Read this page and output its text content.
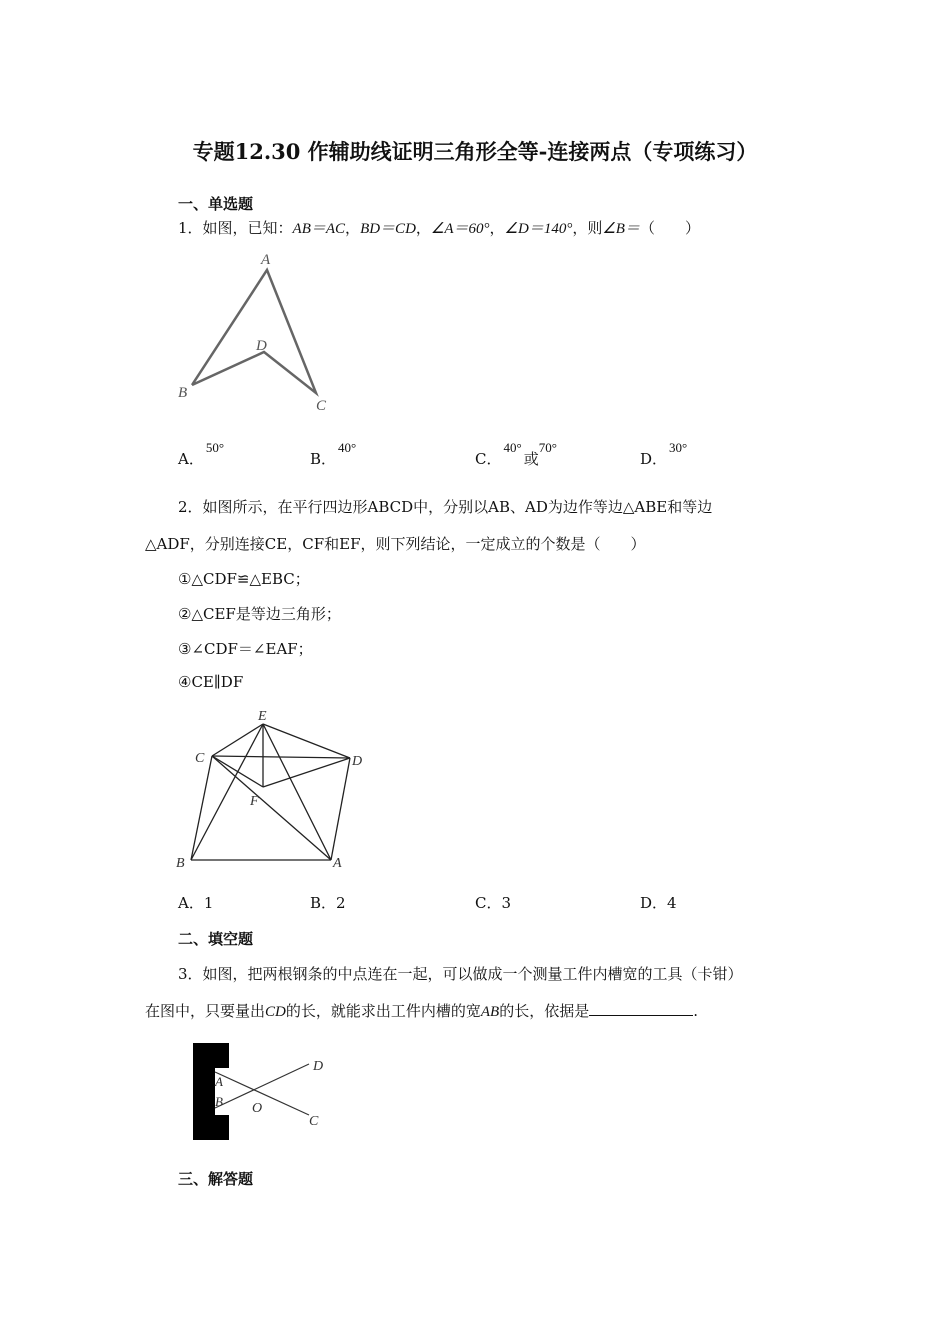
专题12.30 作辅助线证明三角形全等-连接两点（专项练习）
一、单选题
1．如图，已知：AB＝AC，BD＝CD，∠A＝60°，∠D＝140°，则∠B＝（　　）
A
B
C
D
A．50°
B．40°
C．40°或70°
D．30°
2．如图所示，在平行四边形ABCD中，分别以AB、AD为边作等边△ABE和等边
△ADF，分别连接CE，CF和EF，则下列结论，一定成立的个数是（　　）
①△CDF≌△EBC；
②△CEF是等边三角形；
③∠CDF＝∠EAF；
④CE∥DF
E
C	D
F
B	A
A．1	B．2	C．3	D．4
二、填空题
3．如图，把两根钢条的中点连在一起，可以做成一个测量工件内槽宽的工具（卡钳）
在图中，只要量出CD的长，就能求出工件内槽的宽AB的长，依据是	.
D
A
B O
C
三、解答题
